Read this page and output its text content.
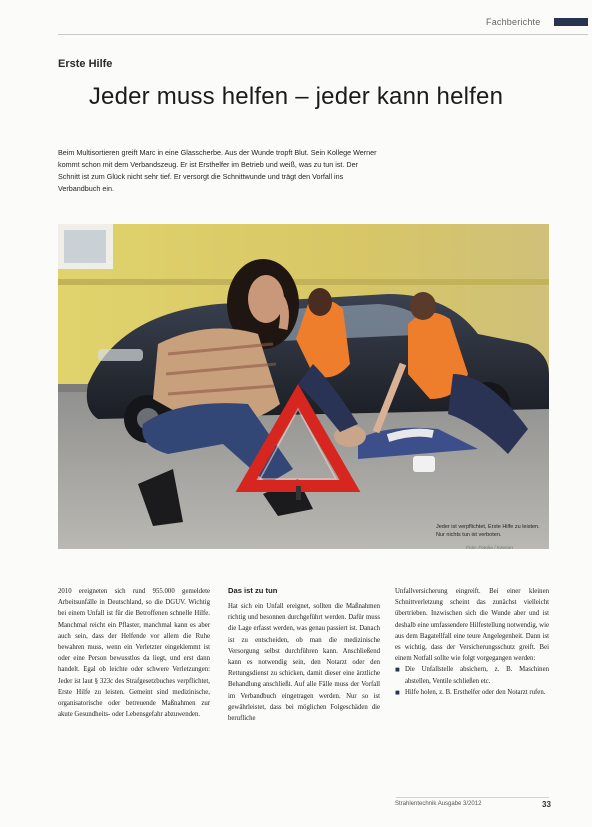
Fachberichte
Erste Hilfe
Jeder muss helfen – jeder kann helfen
Beim Multisortieren greift Marc in eine Glasscherbe. Aus der Wunde tropft Blut. Sein Kollege Werner kommt schon mit dem Verbandszeug. Er ist Ersthelfer im Betrieb und weiß, was zu tun ist. Der Schnitt ist zum Glück nicht sehr tief. Er versorgt die Schnittwunde und trägt den Vorfall ins Verbandbuch ein.
Jeder ist verpflichtet, Erste Hilfe zu leisten. Nur nichts tun ist verboten.
Foto: Fotolia / Kzenon

2010 ereigneten sich rund 955.000 gemeldete Arbeitsunfälle in Deutschland, so die DGUV. Wichtig bei einem Unfall ist für die Betroffenen schnelle Hilfe. Manchmal reicht ein Pflaster, manchmal kann es aber auch sein, dass der Helfende vor allem die Ruhe bewahren muss, wenn ein Verletzter eingeklemmt ist oder eine Person bewusstlos da liegt, und erst dann handelt. Egal ob leichte oder schwere Verletzungen: Jeder ist laut § 323c des Strafgesetzbuches verpflichtet, Erste Hilfe zu leisten. Gemeint sind medizinische, organisatorische oder betreuende Maßnahmen zur akute Gesundheits- oder Lebensgefahr abzuwenden.

Das ist zu tun

Hat sich ein Unfall ereignet, sollten die Maßnahmen richtig und besonnen durchgeführt werden. Dafür muss die Lage erfasst werden, was genau passiert ist. Danach ist zu entscheiden, ob man die medizinische Versorgung selbst durchführen kann. Anschließend kann es notwendig sein, den Notarzt oder den Rettungsdienst zu schicken, damit dieser eine ärztliche Behandlung anschließt. Auf alle Fälle muss der Vorfall im Verbandbuch eingetragen werden. Nur so ist gewährleistet, dass bei möglichen Folgeschäden die berufliche

Unfallversicherung eingreift. Bei einer kleinen Schnittverletzung scheint das zunächst vielleicht übertrieben. Inzwischen sich die Wunde aber und ist deshalb eine umfassendere Hilfestellung notwendig, wie aus dem Bagatellfall eine teure Angelegenheit. Dann ist es wichtig, dass der Versicherungsschutz greift. Bei einem Notfall sollte wie folgt vorgegangen werden:

■ Die Unfallstelle absichern, z. B. Maschinen abstellen, Ventile schließen etc.
■ Hilfe holen, z. B. Ersthelfer oder den Notarzt rufen.
Strahlentechnik Ausgabe 3/2012	33
